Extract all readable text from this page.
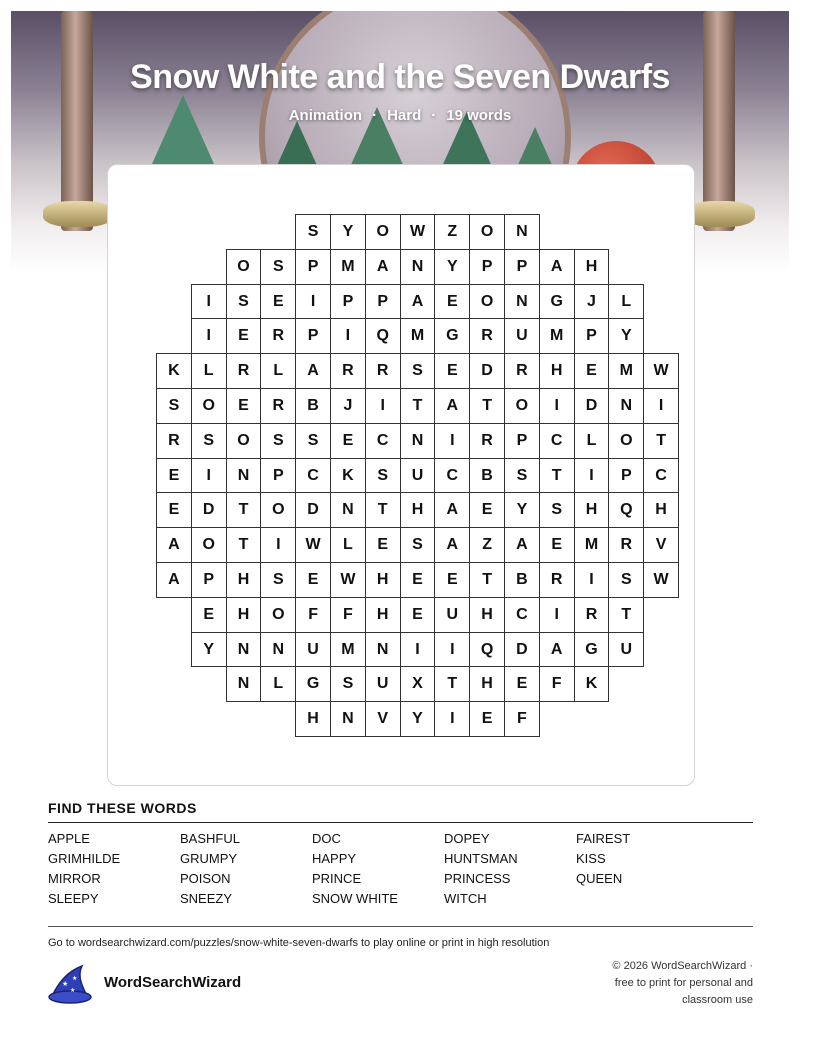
Snow White and the Seven Dwarfs
Animation · Hard · 19 words
S	Y	O	W	Z	O	N
O	S	P	M	A	N	Y	P	P	A	H
I	S	E	I	P	P	A	E	O	N	G	J	L
I	E	R	P	I	Q	M	G	R	U	M	P	Y
K	L	R	L	A	R	R	S	E	D	R	H	E	M	W
S	O	E	R	B	J	I	T	A	T	O	I	D	N	I
R	S	O	S	S	E	C	N	I	R	P	C	L	O	T
E	I	N	P	C	K	S	U	C	B	S	T	I	P	C
E	D	T	O	D	N	T	H	A	E	Y	S	H	Q	H
A	O	T	I	W	L	E	S	A	Z	A	E	M	R	V
A	P	H	S	E	W	H	E	E	T	B	R	I	S	W
E	H	O	F	F	H	E	U	H	C	I	R	T
Y	N	N	U	M	N	I	I	Q	D	A	G	U
N	L	G	S	U	X	T	H	E	F	K
H	N	V	Y	I	E	F
FIND THESE WORDS
APPLE	BASHFUL	DOC	DOPEY	FAIREST
GRIMHILDE	GRUMPY	HAPPY	HUNTSMAN	KISS
MIRROR	POISON	PRINCE	PRINCESS	QUEEN
SLEEPY	SNEEZY	SNOW WHITE	WITCH
Go to wordsearchwizard.com/puzzles/snow-white-seven-dwarfs to play online or print in high resolution
★
★
★ WordSearchWizard
© 2026 WordSearchWizard ·
free to print for personal and
classroom use
